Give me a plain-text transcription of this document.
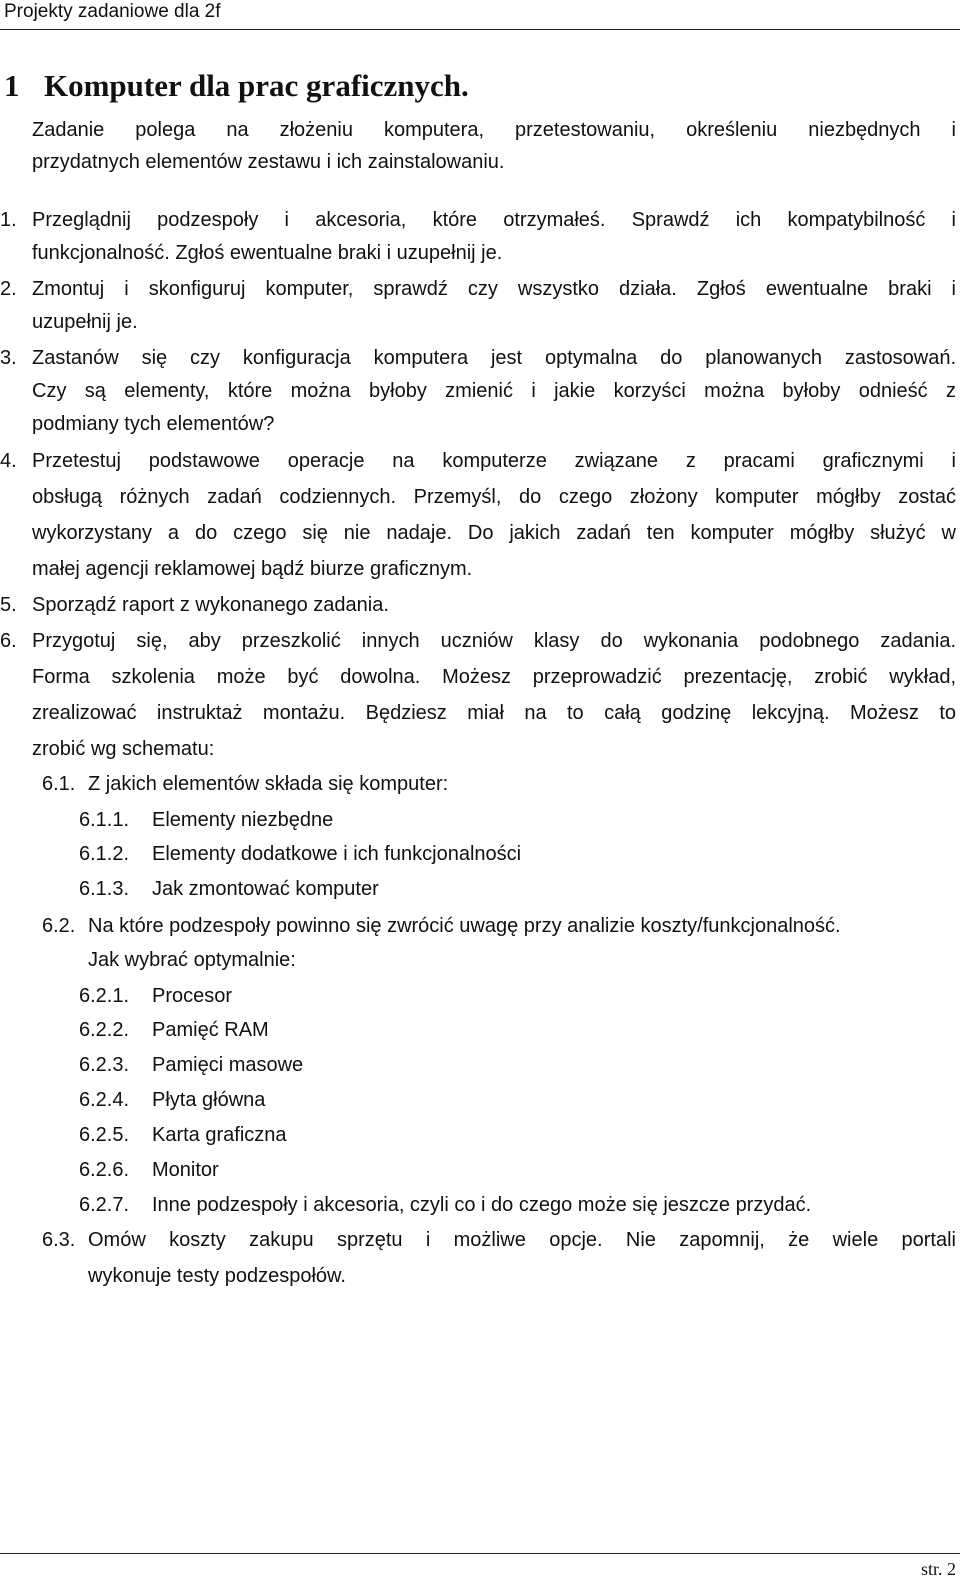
Projekty zadaniowe dla 2f
1 Komputer dla prac graficznych.
Zadanie polega na złożeniu komputera, przetestowaniu, określeniu niezbędnych i
przydatnych elementów zestawu i ich zainstalowaniu.
1. Przeglądnij podzespoły i akcesoria, które otrzymałeś. Sprawdź ich kompatybilność i
funkcjonalność. Zgłoś ewentualne braki i uzupełnij je.
2. Zmontuj i skonfiguruj komputer, sprawdź czy wszystko działa. Zgłoś ewentualne braki i
uzupełnij je.
3. Zastanów się czy konfiguracja komputera jest optymalna do planowanych zastosowań.
Czy są elementy, które można byłoby zmienić i jakie korzyści można byłoby odnieść z
podmiany tych elementów?
4. Przetestuj podstawowe operacje na komputerze związane z pracami graficznymi i
obsługą różnych zadań codziennych. Przemyśl, do czego złożony komputer mógłby zostać
wykorzystany a do czego się nie nadaje. Do jakich zadań ten komputer mógłby służyć w
małej agencji reklamowej bądź biurze graficznym.
5. Sporządź raport z wykonanego zadania.
6. Przygotuj się, aby przeszkolić innych uczniów klasy do wykonania podobnego zadania.
Forma szkolenia może być dowolna. Możesz przeprowadzić prezentację, zrobić wykład,
zrealizować instruktaż montażu. Będziesz miał na to całą godzinę lekcyjną. Możesz to
zrobić wg schematu:
6.1. Z jakich elementów składa się komputer:
6.1.1. Elementy niezbędne
6.1.2. Elementy dodatkowe i ich funkcjonalności
6.1.3. Jak zmontować komputer
6.2. Na które podzespoły powinno się zwrócić uwagę przy analizie koszty/funkcjonalność.
Jak wybrać optymalnie:
6.2.1. Procesor
6.2.2. Pamięć RAM
6.2.3. Pamięci masowe
6.2.4. Płyta główna
6.2.5. Karta graficzna
6.2.6. Monitor
6.2.7. Inne podzespoły i akcesoria, czyli co i do czego może się jeszcze przydać.
6.3. Omów koszty zakupu sprzętu i możliwe opcje. Nie zapomnij, że wiele portali
wykonuje testy podzespołów.
str. 2
